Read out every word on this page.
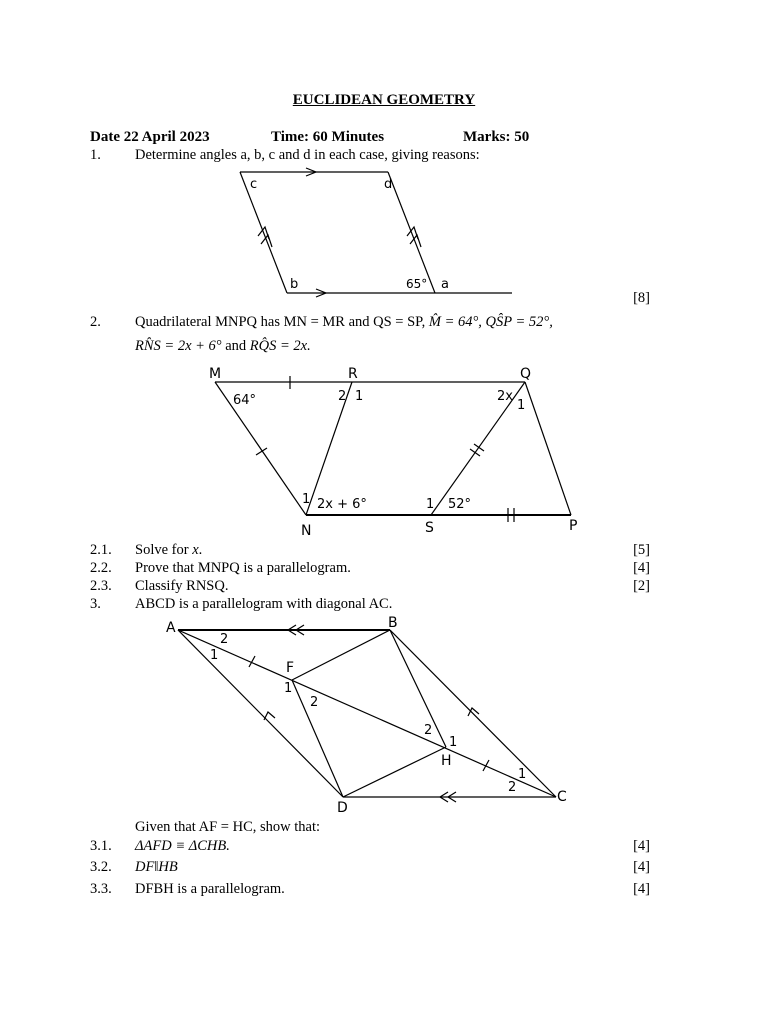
EUCLIDEAN GEOMETRY
Date 22 April 2023	Time: 60 Minutes	Marks: 50
1. Determine angles a, b, c and d in each case, giving reasons:
[8]
2. Quadrilateral MNPQ has MN = MR and QS = SP, M̂ = 64°, QŜP = 52°,
RN̂S = 2x + 6° and RQ̂S = 2x.
2.1. Solve for x.	[5]
2.2. Prove that MNPQ is a parallelogram.	[4]
2.3. Classify RNSQ.	[2]
3. ABCD is a parallelogram with diagonal AC.
Given that AF = HC, show that:
3.1. ΔAFD ≡ ΔCHB.	[4]
3.2. DF‖HB	[4]
3.3. DFBH is a parallelogram.	[4]
c	d
b	65° a
M	R	Q
N	S	P
64°	2 1	2x
1
1 2x + 6°	1 52°
A	B
C
D
F
H
2
1
1
2
2
1
1
2
